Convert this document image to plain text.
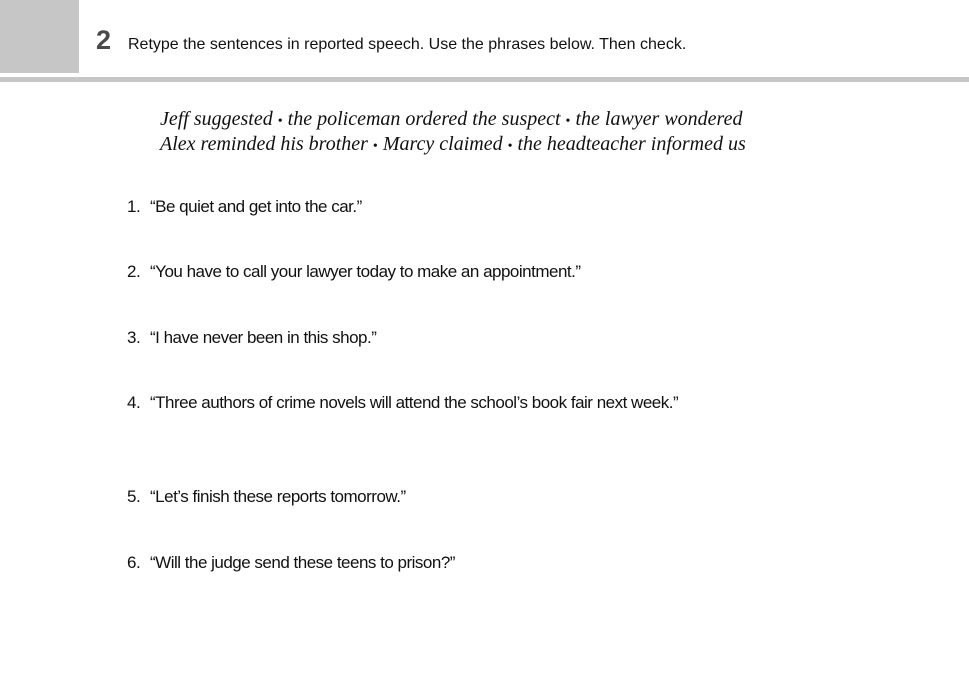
2 Retype the sentences in reported speech. Use the phrases below. Then check.
Jeff suggested • the policeman ordered the suspect • the lawyer wondered
Alex reminded his brother • Marcy claimed • the headteacher informed us
1. “Be quiet and get into the car.”
2. “You have to call your lawyer today to make an appointment.”
3. “I have never been in this shop.”
4. “Three authors of crime novels will attend the school’s book fair next week.”
5. “Let’s finish these reports tomorrow.”
6. “Will the judge send these teens to prison?”
